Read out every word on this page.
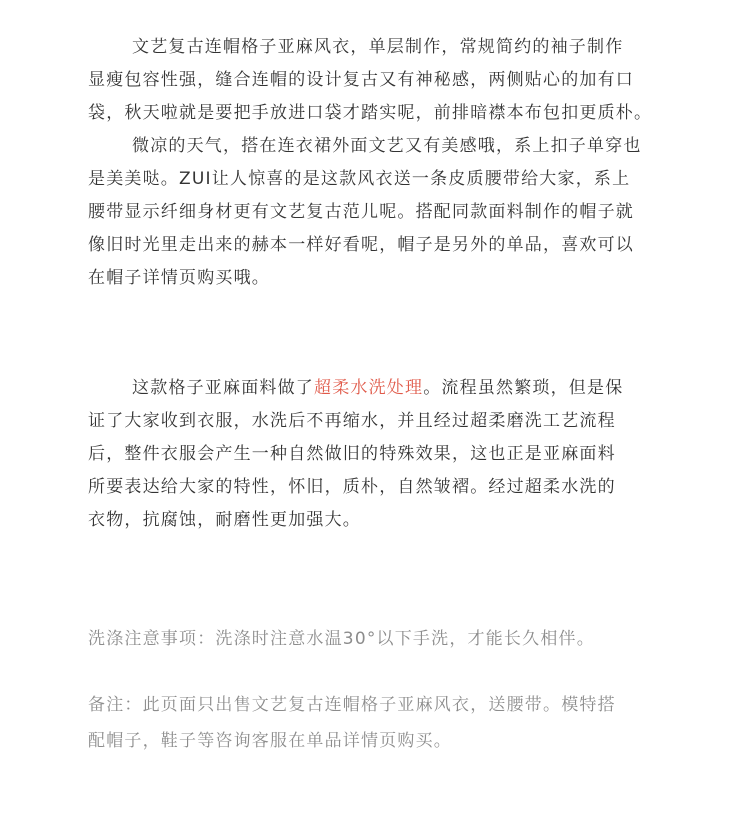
文艺复古连帽格子亚麻风衣，单层制作，常规简约的袖子制作
显瘦包容性强，缝合连帽的设计复古又有神秘感，两侧贴心的加有口
袋，秋天啦就是要把手放进口袋才踏实呢，前排暗襟本布包扣更质朴。
微凉的天气，搭在连衣裙外面文艺又有美感哦，系上扣子单穿也
是美美哒。ZUI让人惊喜的是这款风衣送一条皮质腰带给大家，系上
腰带显示纤细身材更有文艺复古范儿呢。搭配同款面料制作的帽子就
像旧时光里走出来的赫本一样好看呢，帽子是另外的单品，喜欢可以
在帽子详情页购买哦。
这款格子亚麻面料做了超柔水洗处理。流程虽然繁琐，但是保
证了大家收到衣服，水洗后不再缩水，并且经过超柔磨洗工艺流程
后，整件衣服会产生一种自然做旧的特殊效果，这也正是亚麻面料
所要表达给大家的特性，怀旧，质朴，自然皱褶。经过超柔水洗的
衣物，抗腐蚀，耐磨性更加强大。
洗涤注意事项：洗涤时注意水温30°以下手洗，才能长久相伴。
备注：此页面只出售文艺复古连帽格子亚麻风衣，送腰带。模特搭
配帽子，鞋子等咨询客服在单品详情页购买。
